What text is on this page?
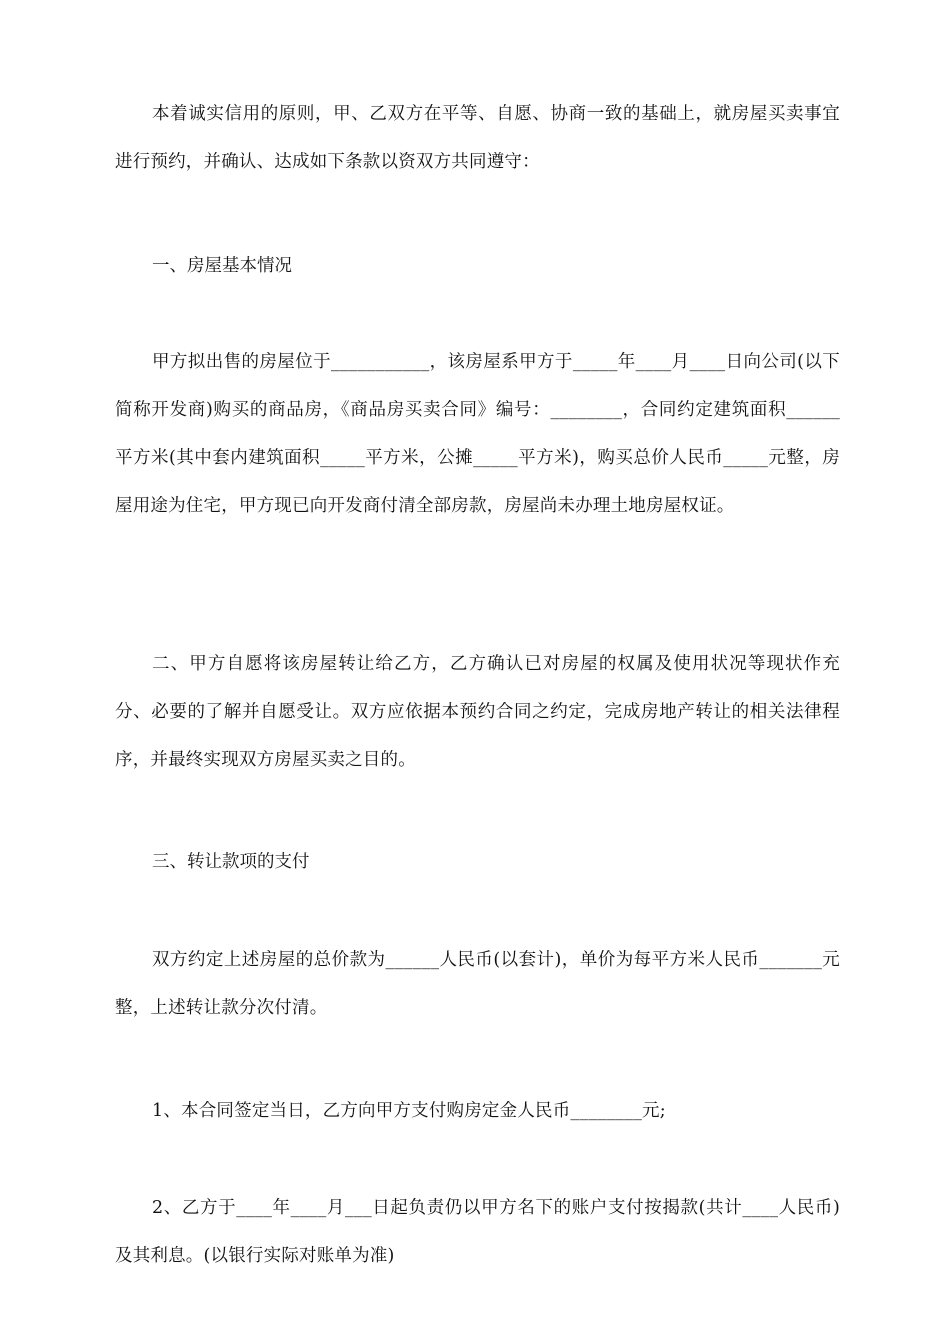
本着诚实信用的原则，甲、乙双方在平等、自愿、协商一致的基础上，就房屋买卖事宜进行预约，并确认、达成如下条款以资双方共同遵守：

一、房屋基本情况

甲方拟出售的房屋位于___________，该房屋系甲方于_____年____月____日向公司(以下简称开发商)购买的商品房，《商品房买卖合同》编号：________，合同约定建筑面积______平方米(其中套内建筑面积_____平方米，公摊_____平方米)，购买总价人民币_____元整，房屋用途为住宅，甲方现已向开发商付清全部房款，房屋尚未办理土地房屋权证。

二、甲方自愿将该房屋转让给乙方，乙方确认已对房屋的权属及使用状况等现状作充分、必要的了解并自愿受让。双方应依据本预约合同之约定，完成房地产转让的相关法律程序，并最终实现双方房屋买卖之目的。

三、转让款项的支付

双方约定上述房屋的总价款为______人民币(以套计)，单价为每平方米人民币_______元整，上述转让款分次付清。

1、本合同签定当日，乙方向甲方支付购房定金人民币________元;

2、乙方于____年____月___日起负责仍以甲方名下的账户支付按揭款(共计____人民币)及其利息。(以银行实际对账单为准)
